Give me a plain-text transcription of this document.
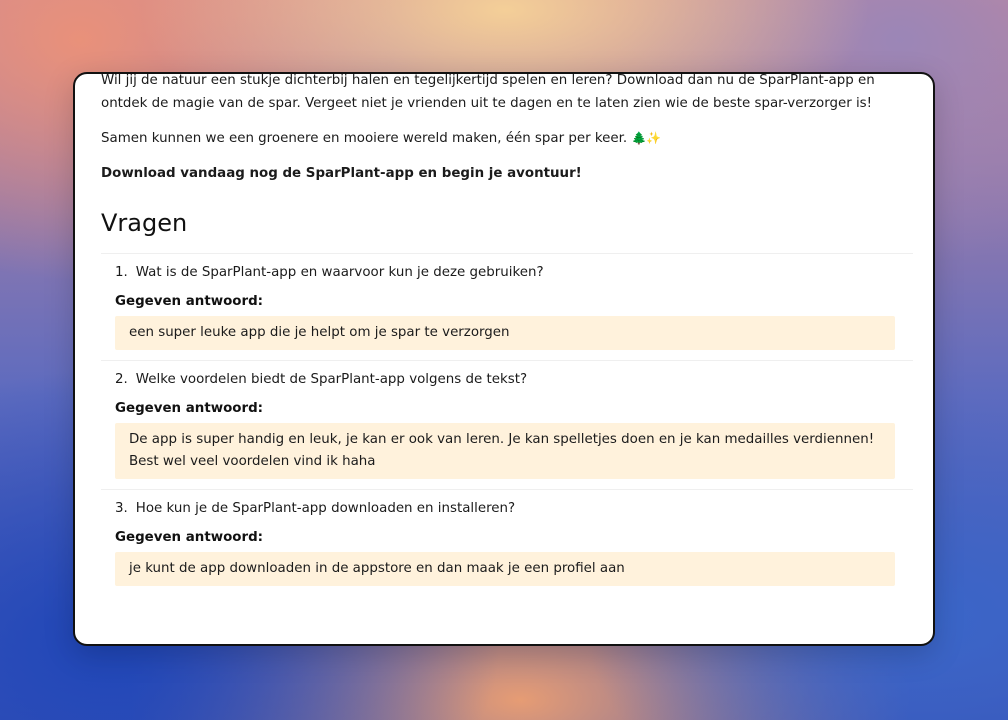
Wil jij de natuur een stukje dichterbij halen en tegelijkertijd spelen en leren? Download dan nu de SparPlant-app en ontdek de magie van de spar. Vergeet niet je vrienden uit te dagen en te laten zien wie de beste spar-verzorger is!

Samen kunnen we een groenere en mooiere wereld maken, één spar per keer. 🌲✨

Download vandaag nog de SparPlant-app en begin je avontuur!

Vragen
1. Wat is de SparPlant-app en waarvoor kun je deze gebruiken?
Gegeven antwoord:
een super leuke app die je helpt om je spar te verzorgen
2. Welke voordelen biedt de SparPlant-app volgens de tekst?
Gegeven antwoord:
De app is super handig en leuk, je kan er ook van leren. Je kan spelletjes doen en je kan medailles verdiennen! Best wel veel voordelen vind ik haha
3. Hoe kun je de SparPlant-app downloaden en installeren?
Gegeven antwoord:
je kunt de app downloaden in de appstore en dan maak je een profiel aan
